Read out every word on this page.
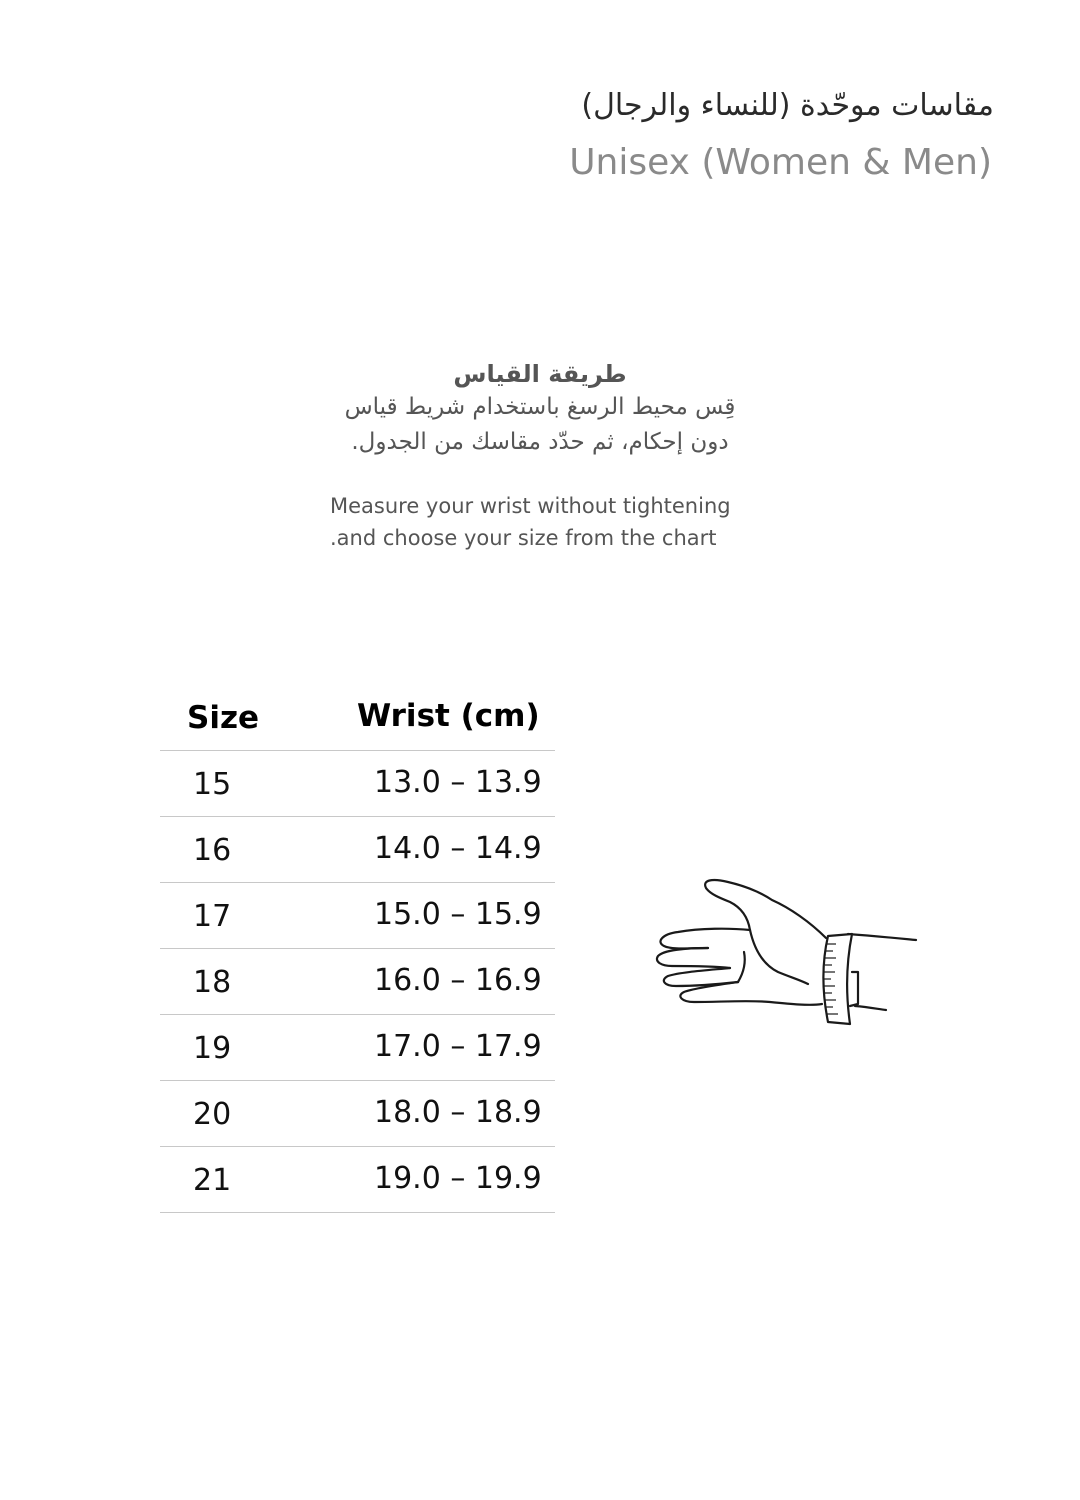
مقاسات موحّدة (للنساء والرجال)
Unisex (Women & Men)
طريقة القياس
قِس محيط الرسغ باستخدام شريط قياس
دون إحكام، ثم حدّد مقاسك من الجدول.
Measure your wrist without tightening
.and choose your size from the chart
Size	Wrist (cm)
15	13.0 – 13.9
16	14.0 – 14.9
17	15.0 – 15.9
18	16.0 – 16.9
19	17.0 – 17.9
20	18.0 – 18.9
21	19.0 – 19.9
